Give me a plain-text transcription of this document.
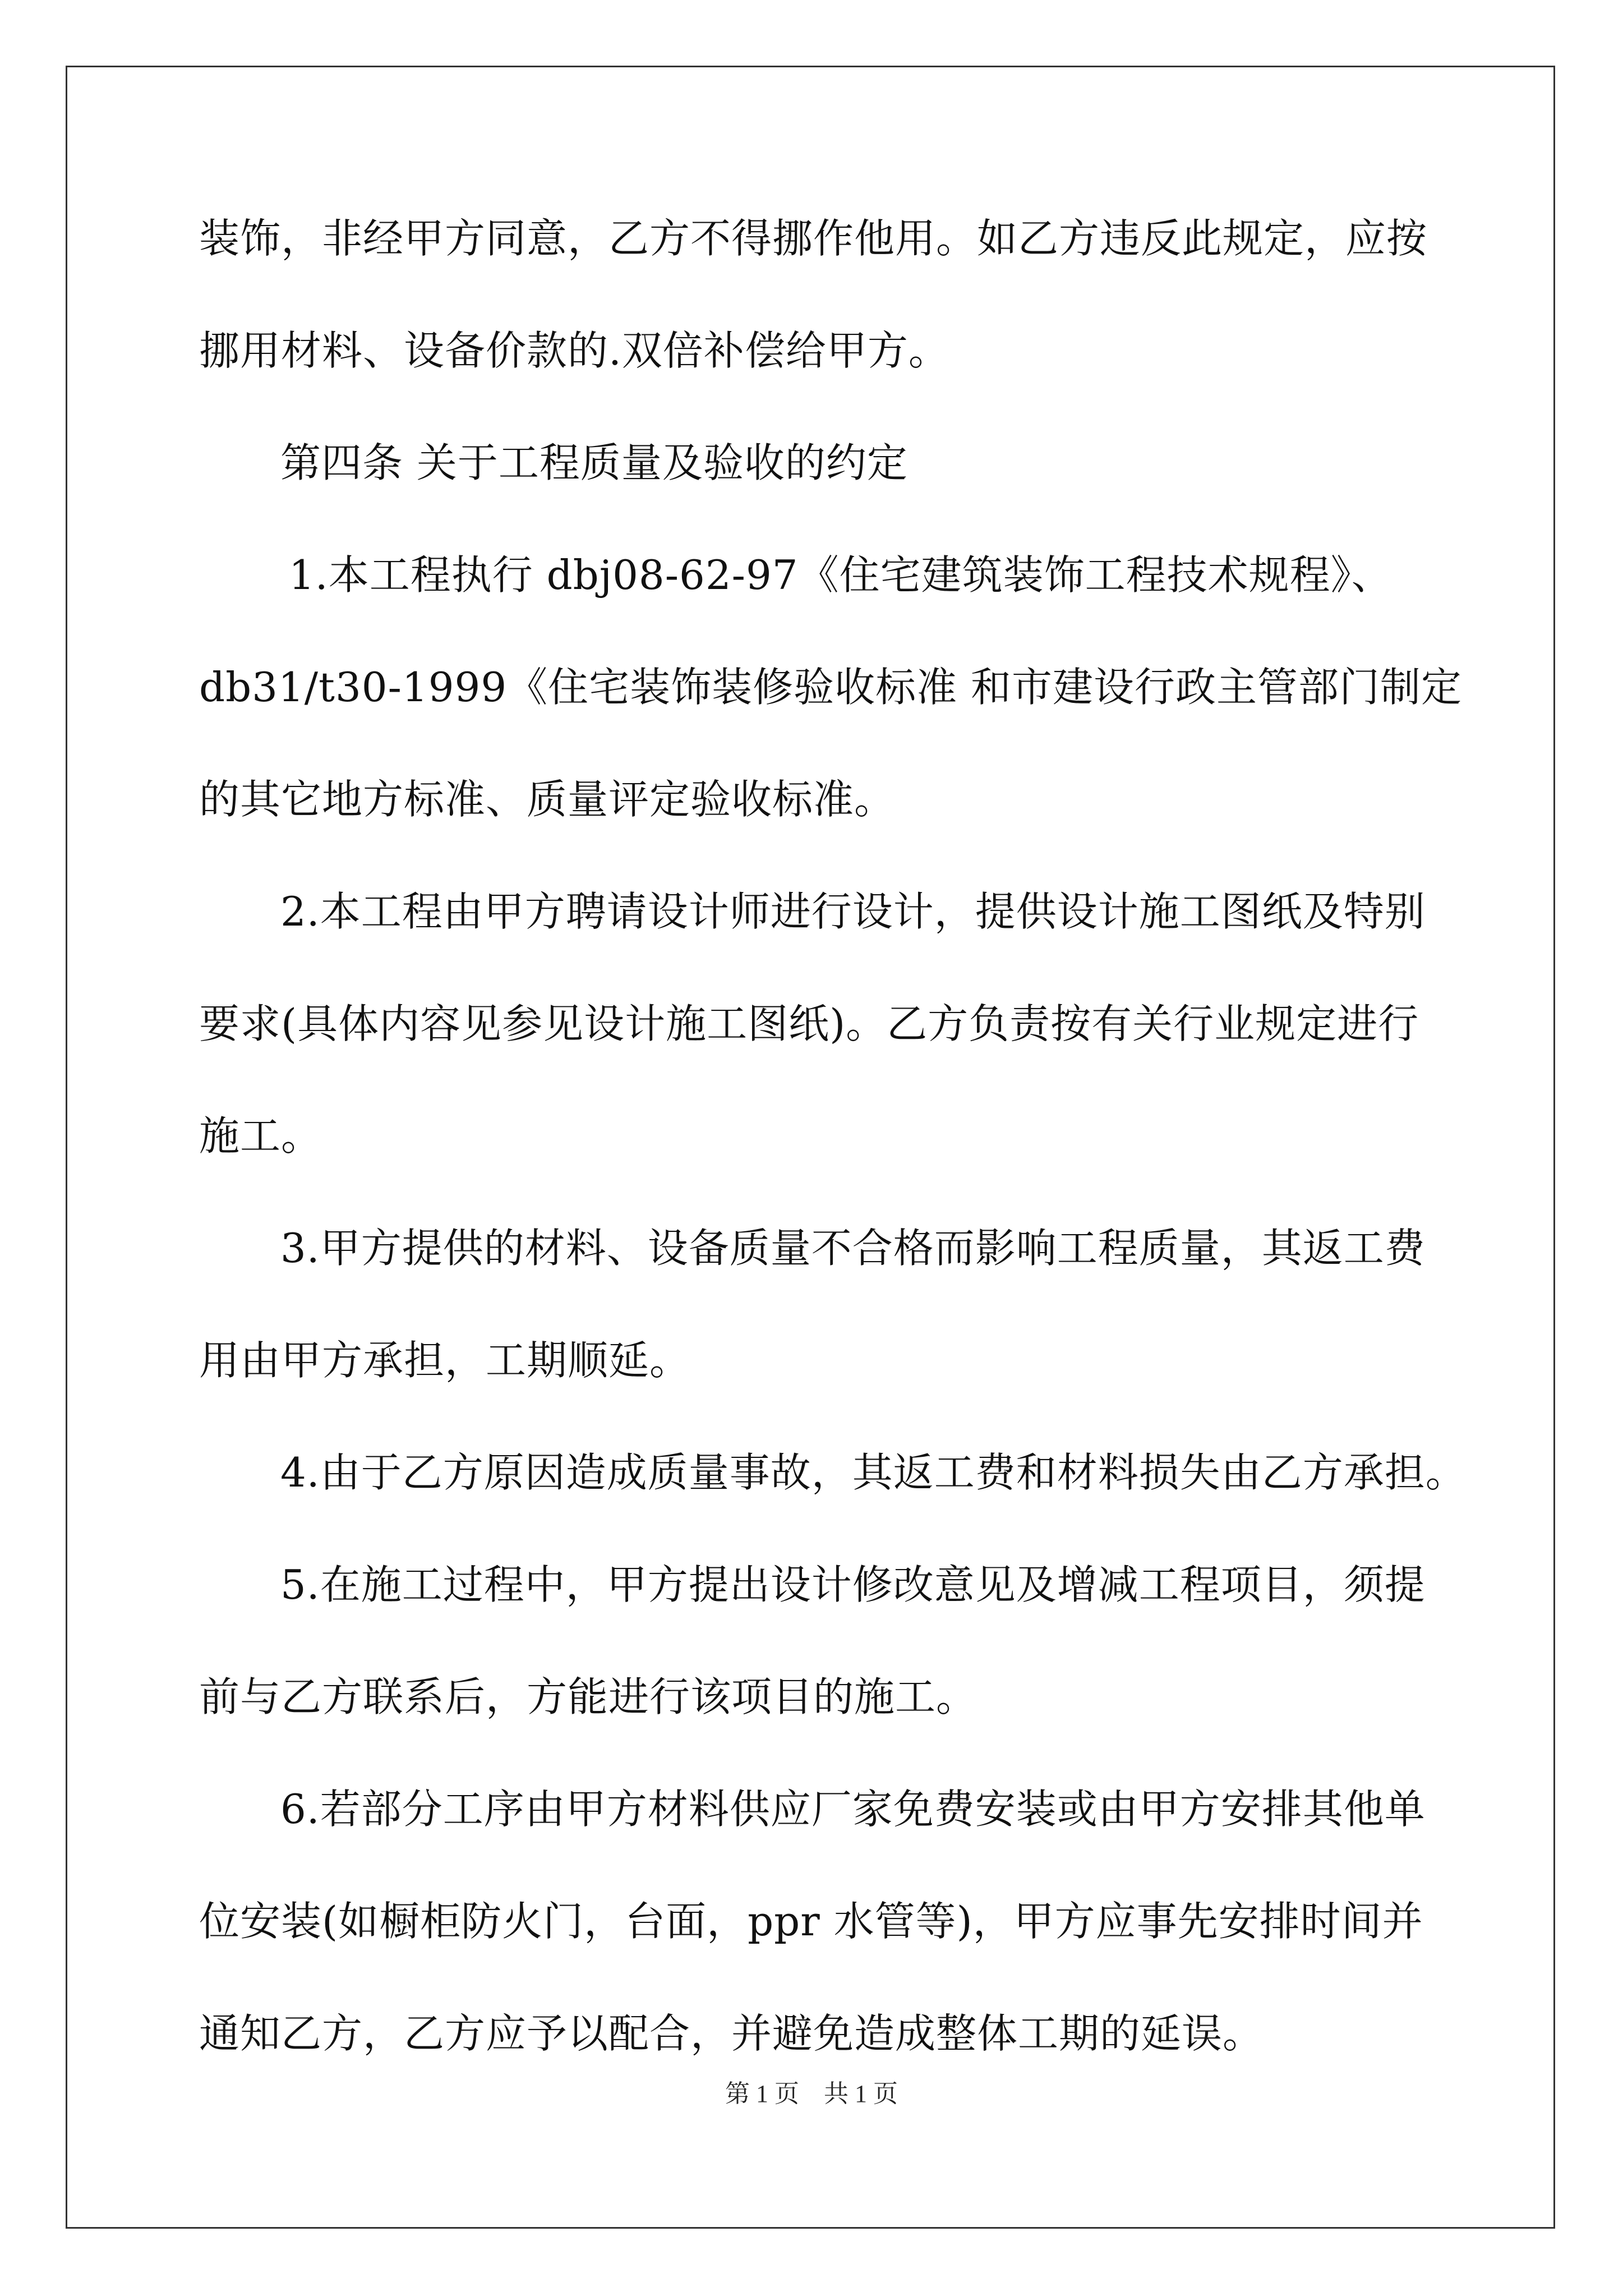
装饰，非经甲方同意，乙方不得挪作他用。如乙方违反此规定，应按
挪用材料、设备价款的.双倍补偿给甲方。
第四条 关于工程质量及验收的约定
1.本工程执行 dbj08-62-97《住宅建筑装饰工程技术规程》、
db31/t30-1999《住宅装饰装修验收标准 和市建设行政主管部门制定
的其它地方标准、质量评定验收标准。
2.本工程由甲方聘请设计师进行设计，提供设计施工图纸及特别
要求(具体内容见参见设计施工图纸)。乙方负责按有关行业规定进行
施工。
3.甲方提供的材料、设备质量不合格而影响工程质量，其返工费
用由甲方承担，工期顺延。
4.由于乙方原因造成质量事故，其返工费和材料损失由乙方承担。
5.在施工过程中，甲方提出设计修改意见及增减工程项目，须提
前与乙方联系后，方能进行该项目的施工。
6.若部分工序由甲方材料供应厂家免费安装或由甲方安排其他单
位安装(如橱柜防火门，台面，ppr 水管等)，甲方应事先安排时间并
通知乙方，乙方应予以配合，并避免造成整体工期的延误。
第 1 页    共 1 页
